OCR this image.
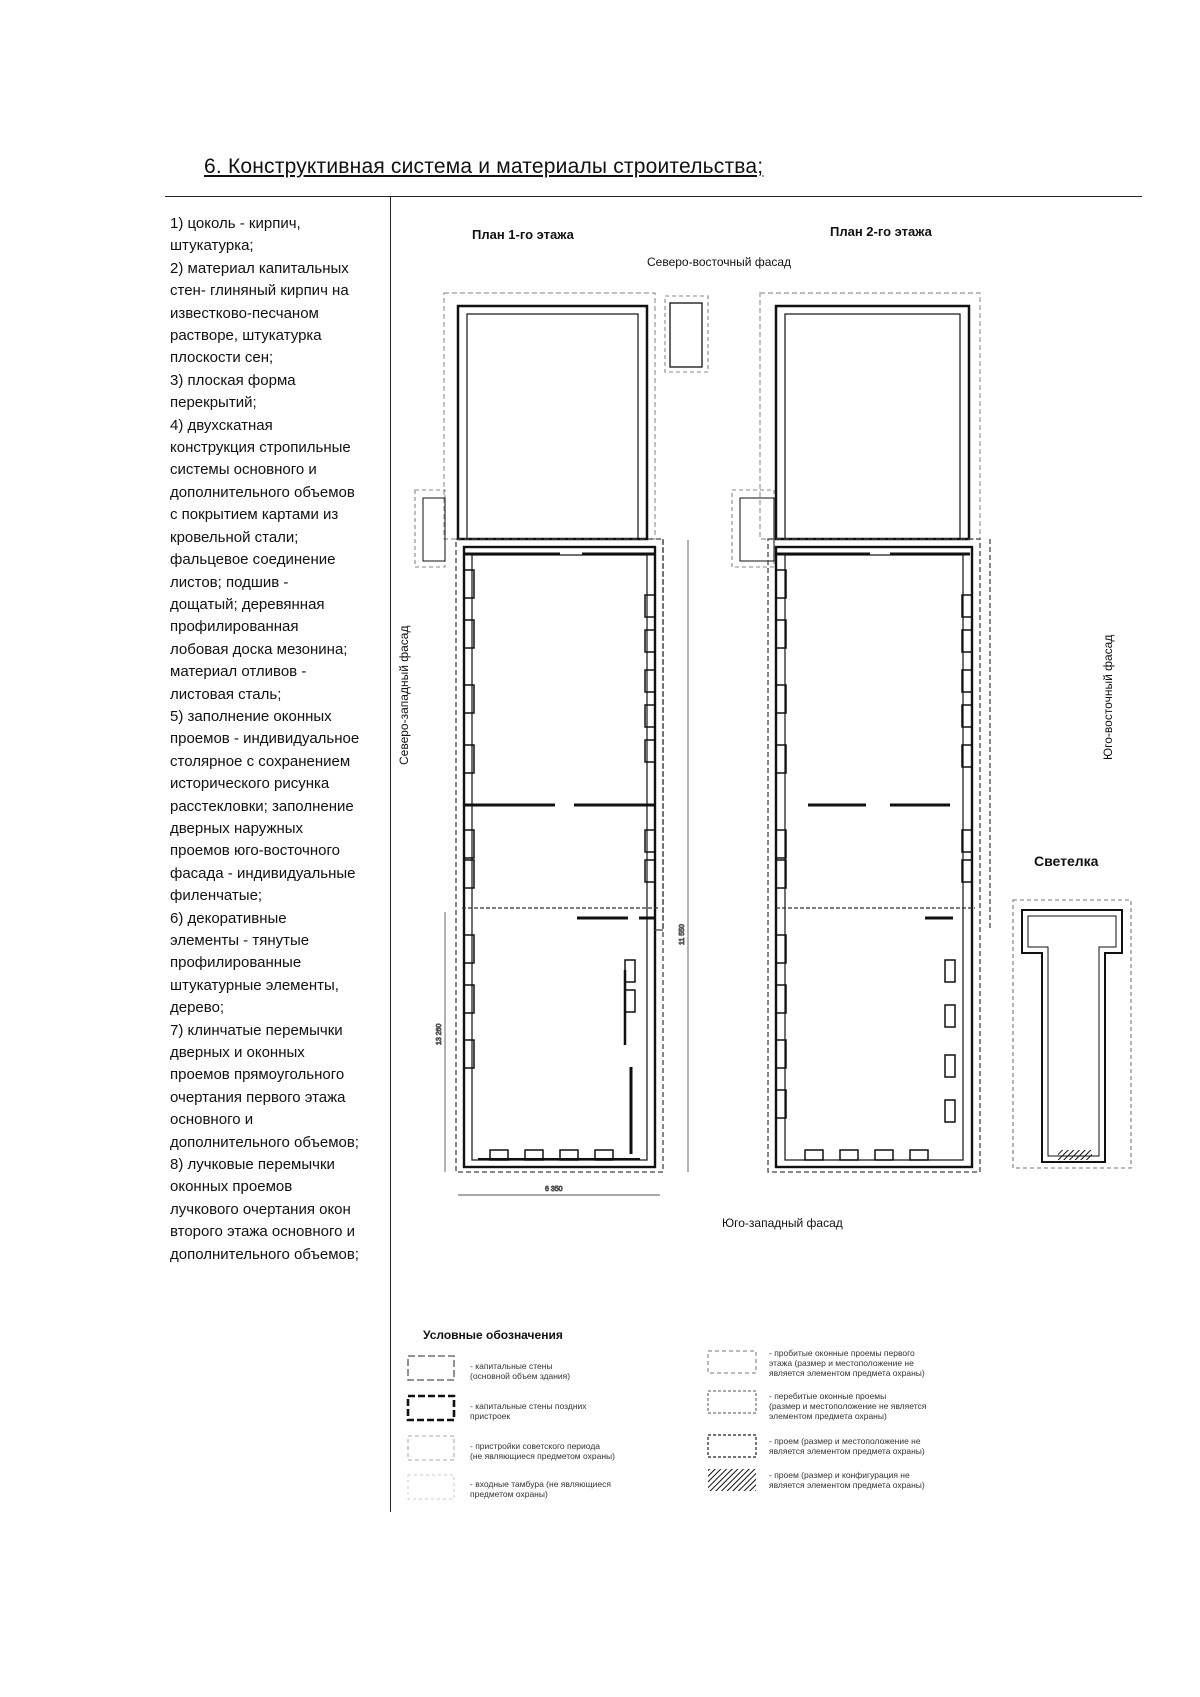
6. Конструктивная система и материалы строительства;
1) цоколь - кирпич,
штукатурка;
2) материал капитальных
стен- глиняный кирпич на
известково-песчаном
растворе, штукатурка
плоскости сен;
3) плоская форма
перекрытий;
4) двухскатная
конструкция стропильные
системы основного и
дополнительного объемов
с покрытием картами из
кровельной стали;
фальцевое соединение
листов; подшив -
дощатый; деревянная
профилированная
лобовая доска мезонина;
материал отливов -
листовая сталь;
5) заполнение оконных
проемов - индивидуальное
столярное с сохранением
исторического рисунка
расстекловки; заполнение
дверных наружных
проемов юго-восточного
фасада - индивидуальные
филенчатые;
6) декоративные
элементы - тянутые
профилированные
штукатурные элементы,
дерево;
7) клинчатые перемычки
дверных и оконных
проемов прямоугольного
очертания первого этажа
основного и
дополнительного объемов;
8) лучковые перемычки
оконных проемов
лучкового очертания окон
второго этажа основного и
дополнительного объемов;
План 1-го этажа	План 2-го этажа
Северо-восточный фасад
Юго-западный фасад
Северо-западный фасад	Юго-восточный фасад
Светелка
11 550
13 260
6 350
Условные обозначения
- капитальные стены
(основной объем здания)
- капитальные стены поздних
пристроек
- пристройки советского периода
(не являющиеся предметом охраны)
- входные тамбура (не являющиеся
предметом охраны)
- пробитые оконные проемы первого
этажа (размер и местоположение не
является элементом предмета охраны)
- перебитые оконные проемы
(размер и местоположение не является
элементом предмета охраны)
- проем (размер и местоположение не
является элементом предмета охраны)
- проем (размер и конфигурация не
является элементом предмета охраны)
